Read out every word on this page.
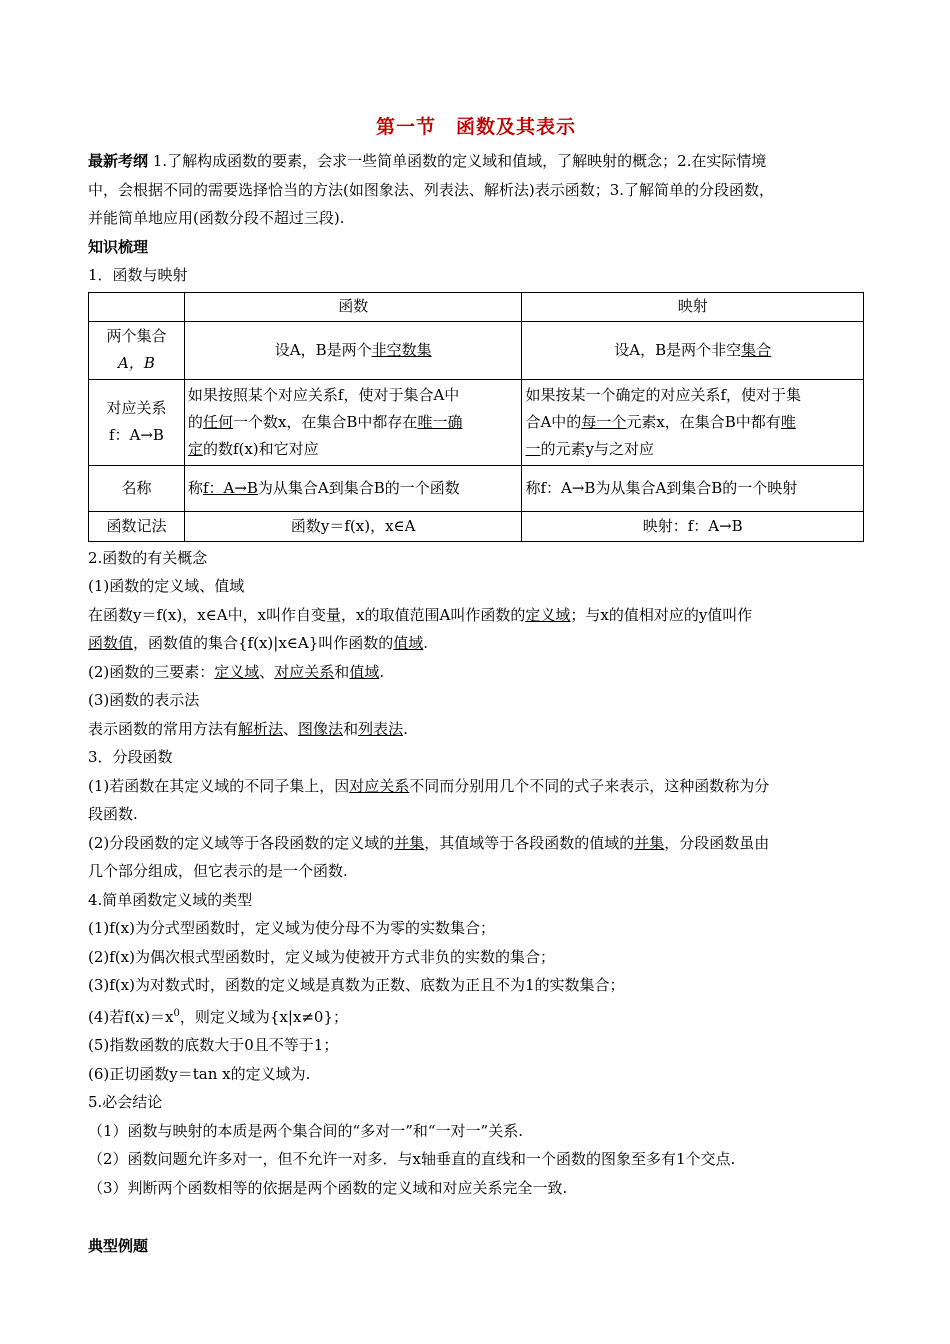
第一节　函数及其表示

最新考纲 1.了解构成函数的要素，会求一些简单函数的定义域和值域，了解映射的概念；2.在实际情境
中，会根据不同的需要选择恰当的方法(如图象法、列表法、解析法)表示函数；3.了解简单的分段函数，
并能简单地应用(函数分段不超过三段).

知识梳理

1．函数与映射

	函数	映射
两个集合
A，B	设A，B是两个非空数集	设A，B是两个非空集合
对应关系
f：A→B	如果按照某个对应关系f，使对于集合A中
的任何一个数x，在集合B中都存在唯一确
定的数f(x)和它对应	如果按某一个确定的对应关系f，使对于集
合A中的每一个元素x，在集合B中都有唯
一的元素y与之对应
名称	称f：A→B为从集合A到集合B的一个函数	称f：A→B为从集合A到集合B的一个映射
函数记法	函数y＝f(x)，x∈A	映射：f：A→B

2.函数的有关概念

(1)函数的定义域、值域

在函数y＝f(x)，x∈A中，x叫作自变量，x的取值范围A叫作函数的定义域；与x的值相对应的y值叫作
函数值，函数值的集合{f(x)|x∈A}叫作函数的值域.

(2)函数的三要素：定义域、对应关系和值域.

(3)函数的表示法

表示函数的常用方法有解析法、图像法和列表法.

3．分段函数

(1)若函数在其定义域的不同子集上，因对应关系不同而分别用几个不同的式子来表示，这种函数称为分
段函数.

(2)分段函数的定义域等于各段函数的定义域的并集，其值域等于各段函数的值域的并集，分段函数虽由
几个部分组成，但它表示的是一个函数.

4.简单函数定义域的类型

(1)f(x)为分式型函数时，定义域为使分母不为零的实数集合；

(2)f(x)为偶次根式型函数时，定义域为使被开方式非负的实数的集合；

(3)f(x)为对数式时，函数的定义域是真数为正数、底数为正且不为1的实数集合；

(4)若$f(x)=x^0$，则定义域为{x|x≠0}；

(5)指数函数的底数大于0且不等于1；

(6)正切函数y＝tan x的定义域为.

5.必会结论

（1）函数与映射的本质是两个集合间的“多对一”和“一对一”关系.

（2）函数问题允许多对一，但不允许一对多．与x轴垂直的直线和一个函数的图象至多有1个交点.

（3）判断两个函数相等的依据是两个函数的定义域和对应关系完全一致.

典型例题
